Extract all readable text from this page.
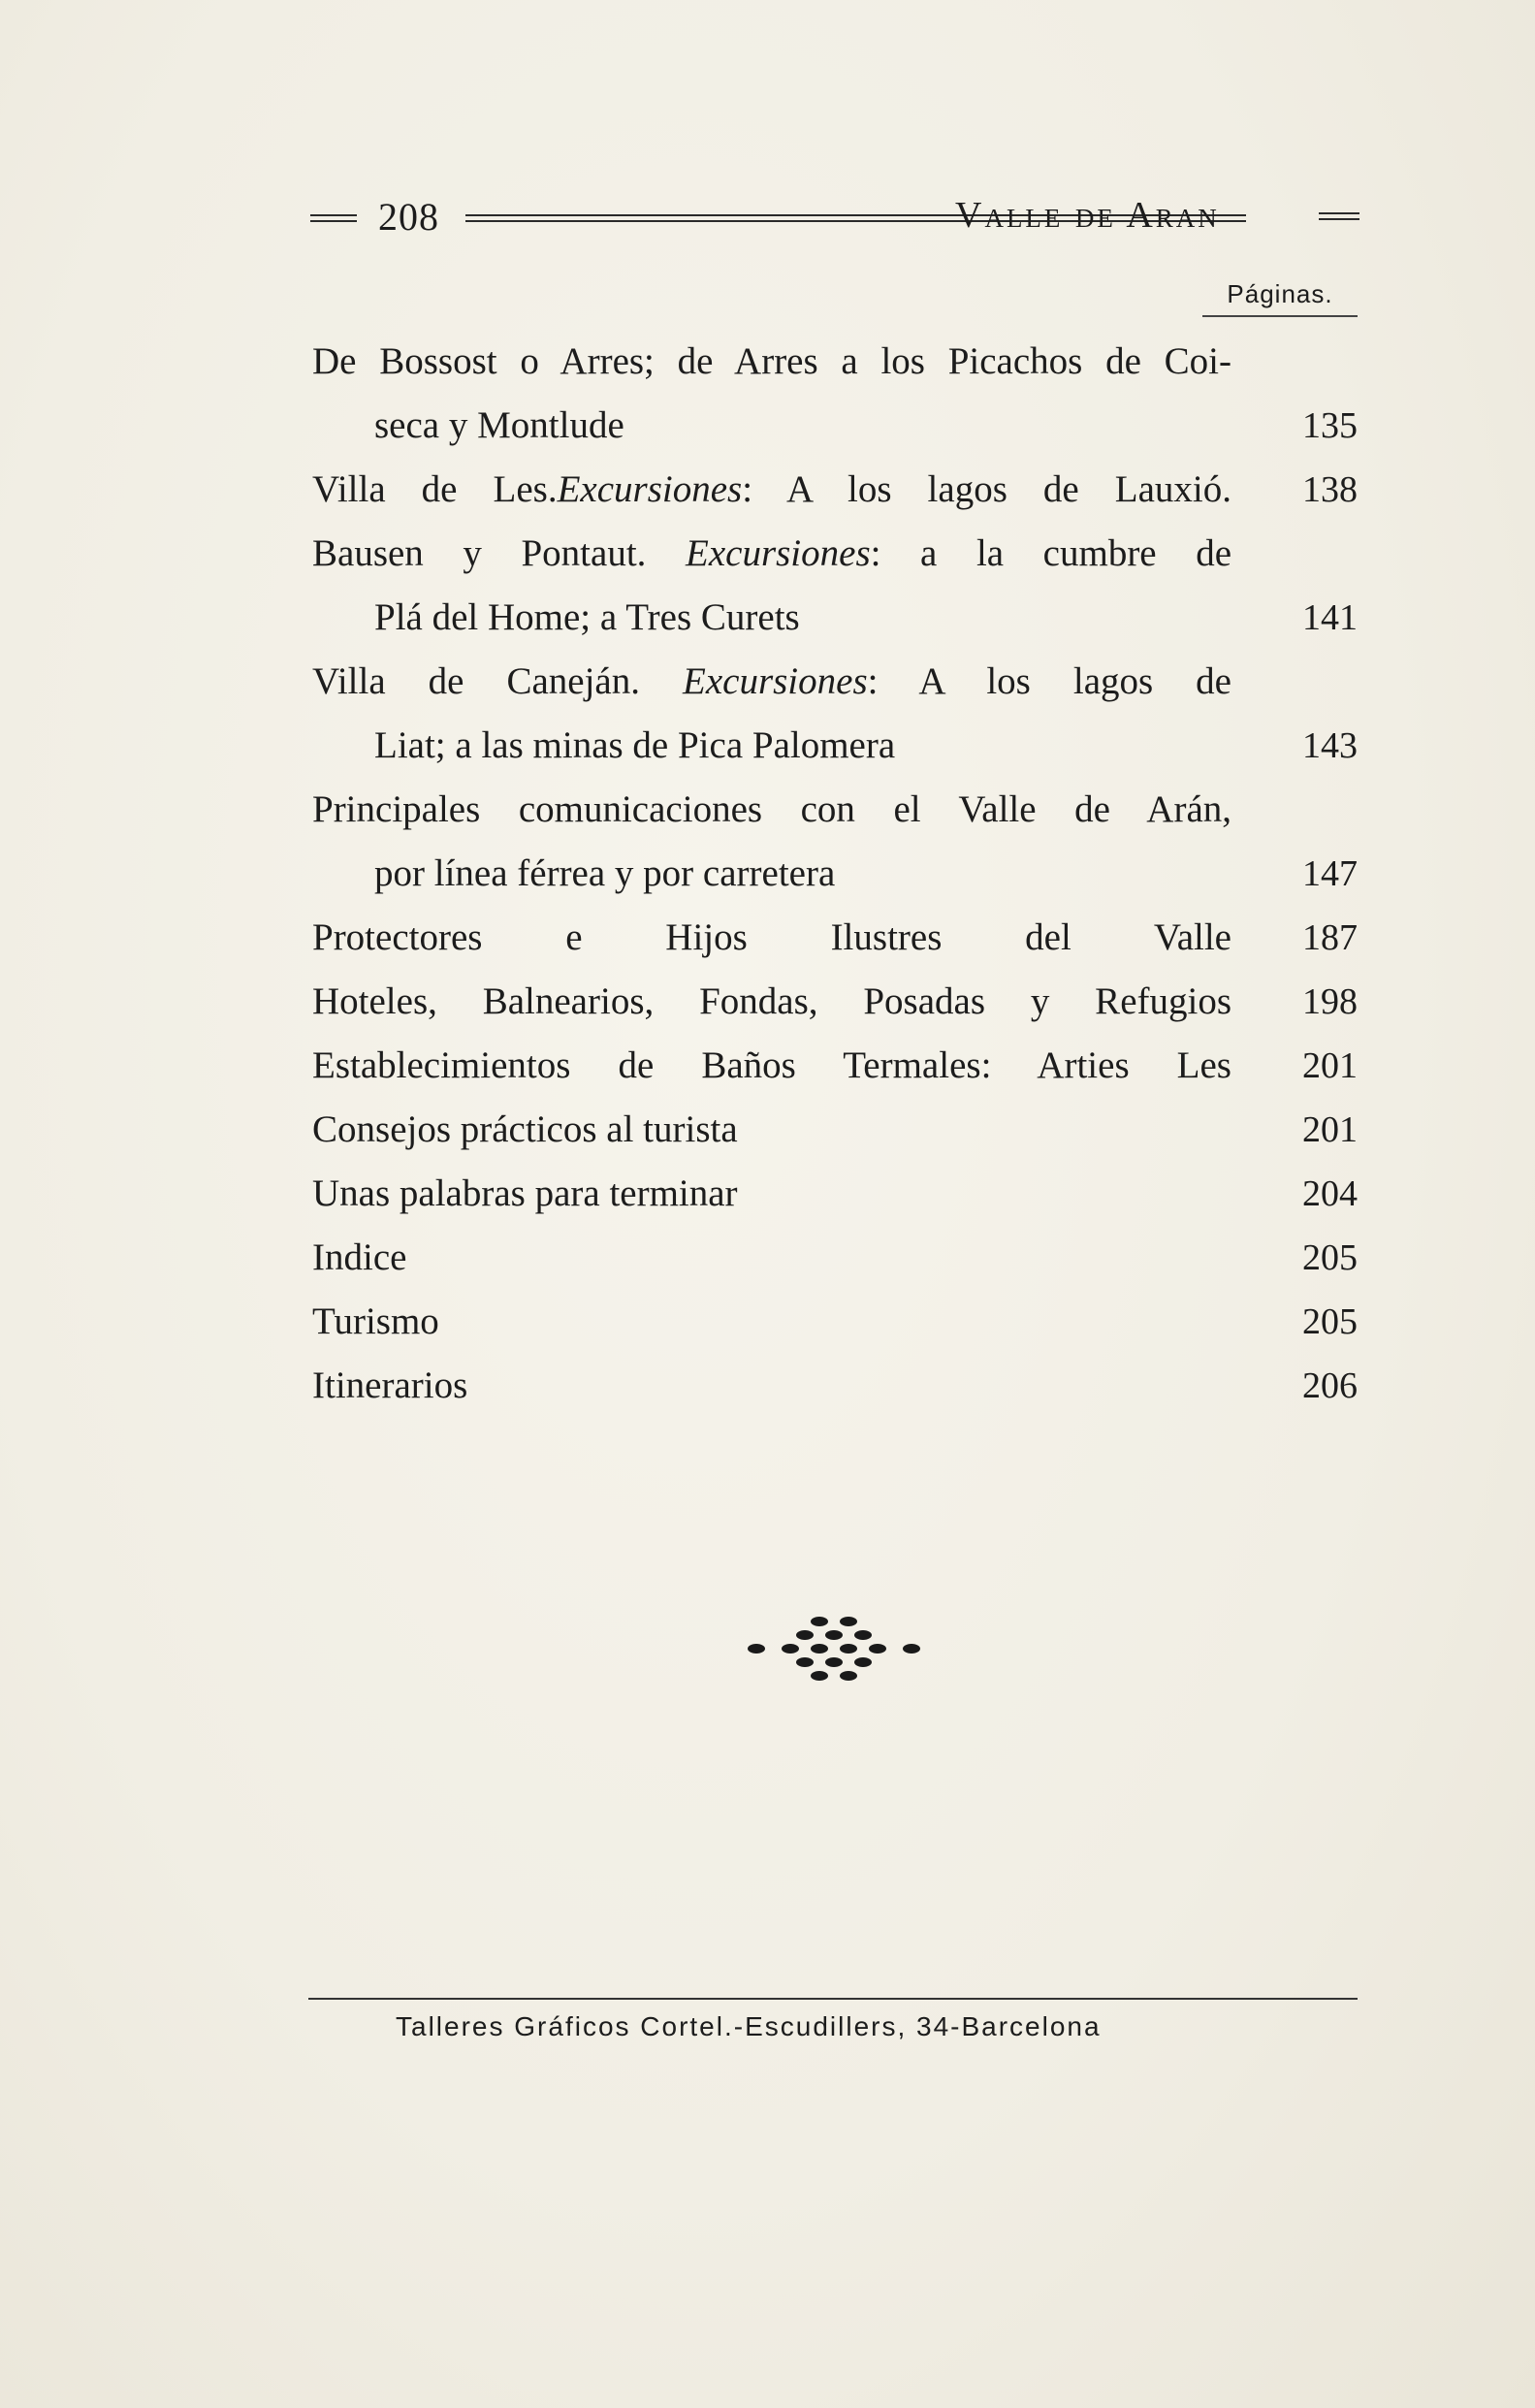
208	Valle de Aran
Páginas.
De Bossost o Arres; de Arres a los Picachos de Coi-
seca y Montlude	135
Villa de Les.Excursiones: A los lagos de Lauxió.	138
Bausen y Pontaut. Excursiones: a la cumbre de
Plá del Home; a Tres Curets	141
Villa de Caneján. Excursiones: A los lagos de
Liat; a las minas de Pica Palomera	143
Principales comunicaciones con el Valle de Arán,
por línea férrea y por carretera	147
Protectores e Hijos Ilustres del Valle	187
Hoteles, Balnearios, Fondas, Posadas y Refugios	198
Establecimientos de Baños Termales: Arties Les	201
Consejos prácticos al turista	201
Unas palabras para terminar	204
Indice	205
Turismo	205
Itinerarios	206
Talleres Gráficos Cortel.-Escudillers, 34-Barcelona
